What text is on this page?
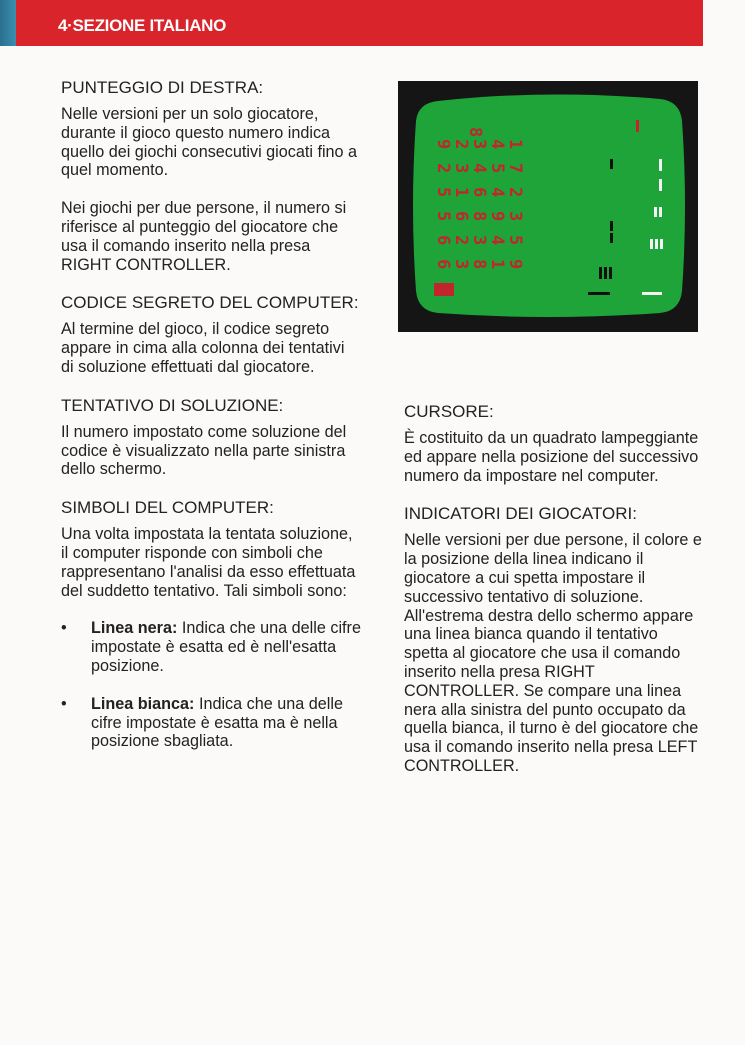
4·SEZIONE ITALIANO
PUNTEGGIO DI DESTRA:

Nelle versioni per un solo giocatore, durante il gioco questo numero indica quello dei giochi consecutivi giocati fino a quel momento.

Nei giochi per due persone, il numero si riferisce al punteggio del giocatore che usa il comando inserito nella presa RIGHT CONTROLLER.

CODICE SEGRETO DEL COMPUTER:

Al termine del gioco, il codice segreto appare in cima alla colonna dei tentativi di soluzione effettuati dal giocatore.

TENTATIVO DI SOLUZIONE:

Il numero impostato come soluzione del codice è visualizzato nella parte sinistra dello schermo.

SIMBOLI DEL COMPUTER:

Una volta impostata la tentata soluzione, il computer risponde con simboli che rappresentano l'analisi da esso effettuata del suddetto tentativo. Tali simboli sono:

• Linea nera: Indica che una delle cifre impostate è esatta ed è nell'esatta posizione.
• Linea bianca: Indica che una delle cifre impostate è esatta ma è nella posizione sbagliata.
8
9
2
3
4
1
2
3
4
5
7
5
1
6
4
2
5
6
8
9
3
6
2
3
4
5
6
3
8
1
9
CURSORE:

È costituito da un quadrato lampeggiante ed appare nella posizione del successivo numero da impostare nel computer.

INDICATORI DEI GIOCATORI:

Nelle versioni per due persone, il colore e la posizione della linea indicano il giocatore a cui spetta impostare il successivo tentativo di soluzione. All'estrema destra dello schermo appare una linea bianca quando il tentativo spetta al giocatore che usa il comando inserito nella presa RIGHT CONTROLLER. Se compare una linea nera alla sinistra del punto occupato da quella bianca, il turno è del giocatore che usa il comando inserito nella presa LEFT CONTROLLER.
